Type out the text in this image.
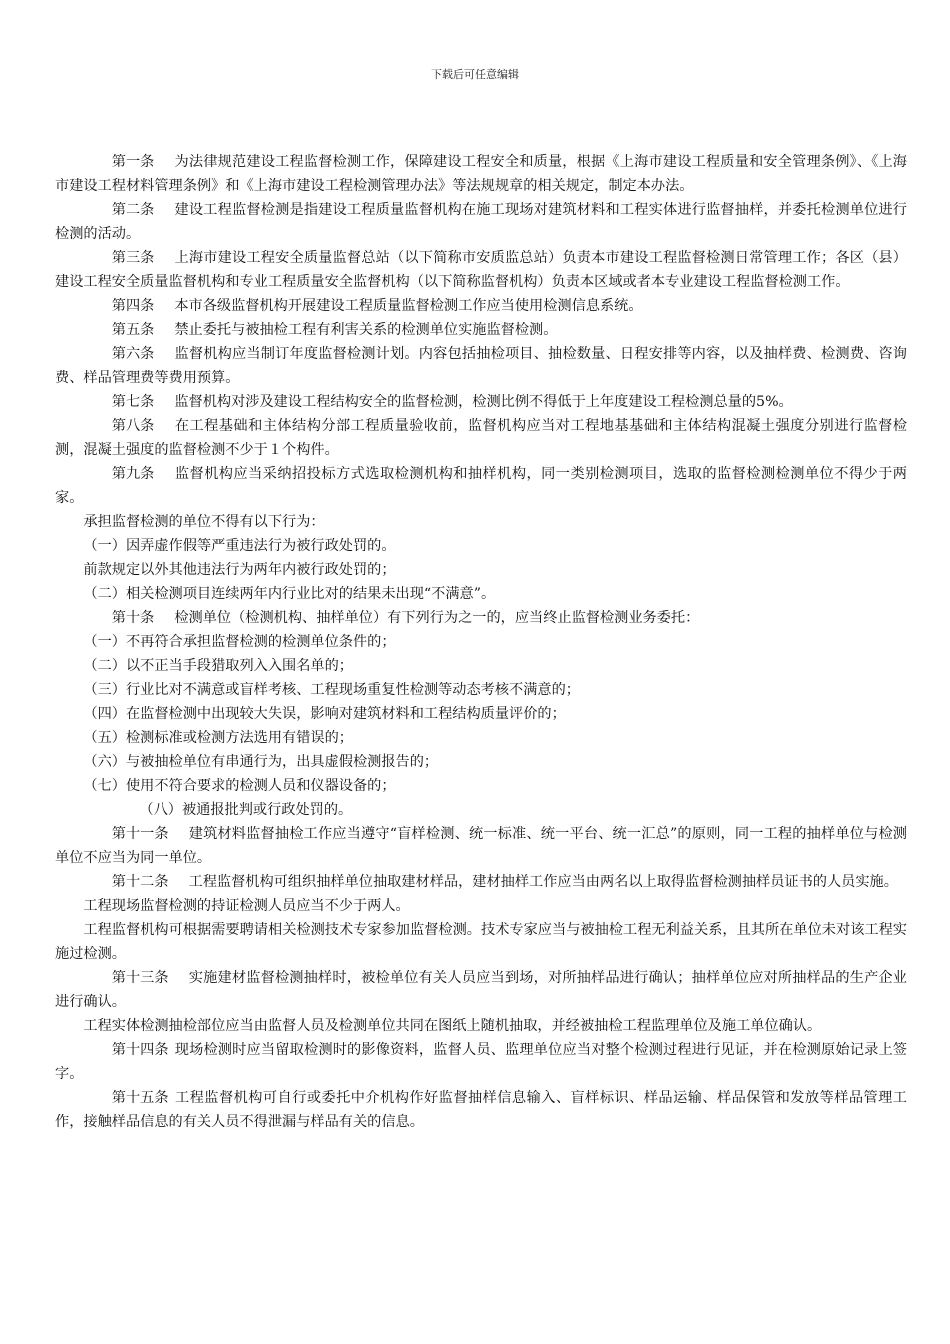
下载后可任意编辑

第一条 为法律规范建设工程监督检测工作，保障建设工程安全和质量，根据《上海市建设工程质量和安全管理条例》、《上海市建设工程材料管理条例》和《上海市建设工程检测管理办法》等法规规章的相关规定，制定本办法。

第二条 建设工程监督检测是指建设工程质量监督机构在施工现场对建筑材料和工程实体进行监督抽样，并委托检测单位进行检测的活动。

第三条 上海市建设工程安全质量监督总站（以下简称市安质监总站）负责本市建设工程监督检测日常管理工作；各区（县）建设工程安全质量监督机构和专业工程质量安全监督机构（以下简称监督机构）负责本区域或者本专业建设工程监督检测工作。

第四条 本市各级监督机构开展建设工程质量监督检测工作应当使用检测信息系统。

第五条 禁止委托与被抽检工程有利害关系的检测单位实施监督检测。

第六条 监督机构应当制订年度监督检测计划。内容包括抽检项目、抽检数量、日程安排等内容，以及抽样费、检测费、咨询费、样品管理费等费用预算。

第七条 监督机构对涉及建设工程结构安全的监督检测，检测比例不得低于上年度建设工程检测总量的5%。

第八条 在工程基础和主体结构分部工程质量验收前，监督机构应当对工程地基基础和主体结构混凝土强度分别进行监督检测，混凝土强度的监督检测不少于１个构件。

第九条 监督机构应当采纳招投标方式选取检测机构和抽样机构，同一类别检测项目，选取的监督检测检测单位不得少于两家。

承担监督检测的单位不得有以下行为：

（一）因弄虚作假等严重违法行为被行政处罚的。

前款规定以外其他违法行为两年内被行政处罚的；

（二）相关检测项目连续两年内行业比对的结果未出现“不满意”。

第十条 检测单位（检测机构、抽样单位）有下列行为之一的，应当终止监督检测业务委托：

（一）不再符合承担监督检测的检测单位条件的；

（二）以不正当手段猎取列入入围名单的；

（三）行业比对不满意或盲样考核、工程现场重复性检测等动态考核不满意的；

（四）在监督检测中出现较大失误，影响对建筑材料和工程结构质量评价的；

（五）检测标准或检测方法选用有错误的；

（六）与被抽检单位有串通行为，出具虚假检测报告的；

（七）使用不符合要求的检测人员和仪器设备的；

（八）被通报批判或行政处罚的。

第十一条 建筑材料监督抽检工作应当遵守“盲样检测、统一标准、统一平台、统一汇总”的原则，同一工程的抽样单位与检测单位不应当为同一单位。

第十二条 工程监督机构可组织抽样单位抽取建材样品，建材抽样工作应当由两名以上取得监督检测抽样员证书的人员实施。

工程现场监督检测的持证检测人员应当不少于两人。

工程监督机构可根据需要聘请相关检测技术专家参加监督检测。技术专家应当与被抽检工程无利益关系，且其所在单位未对该工程实施过检测。

第十三条 实施建材监督检测抽样时，被检单位有关人员应当到场，对所抽样品进行确认；抽样单位应对所抽样品的生产企业进行确认。

工程实体检测抽检部位应当由监督人员及检测单位共同在图纸上随机抽取，并经被抽检工程监理单位及施工单位确认。

第十四条 现场检测时应当留取检测时的影像资料，监督人员、监理单位应当对整个检测过程进行见证，并在检测原始记录上签字。

第十五条 工程监督机构可自行或委托中介机构作好监督抽样信息输入、盲样标识、样品运输、样品保管和发放等样品管理工作，接触样品信息的有关人员不得泄漏与样品有关的信息。
